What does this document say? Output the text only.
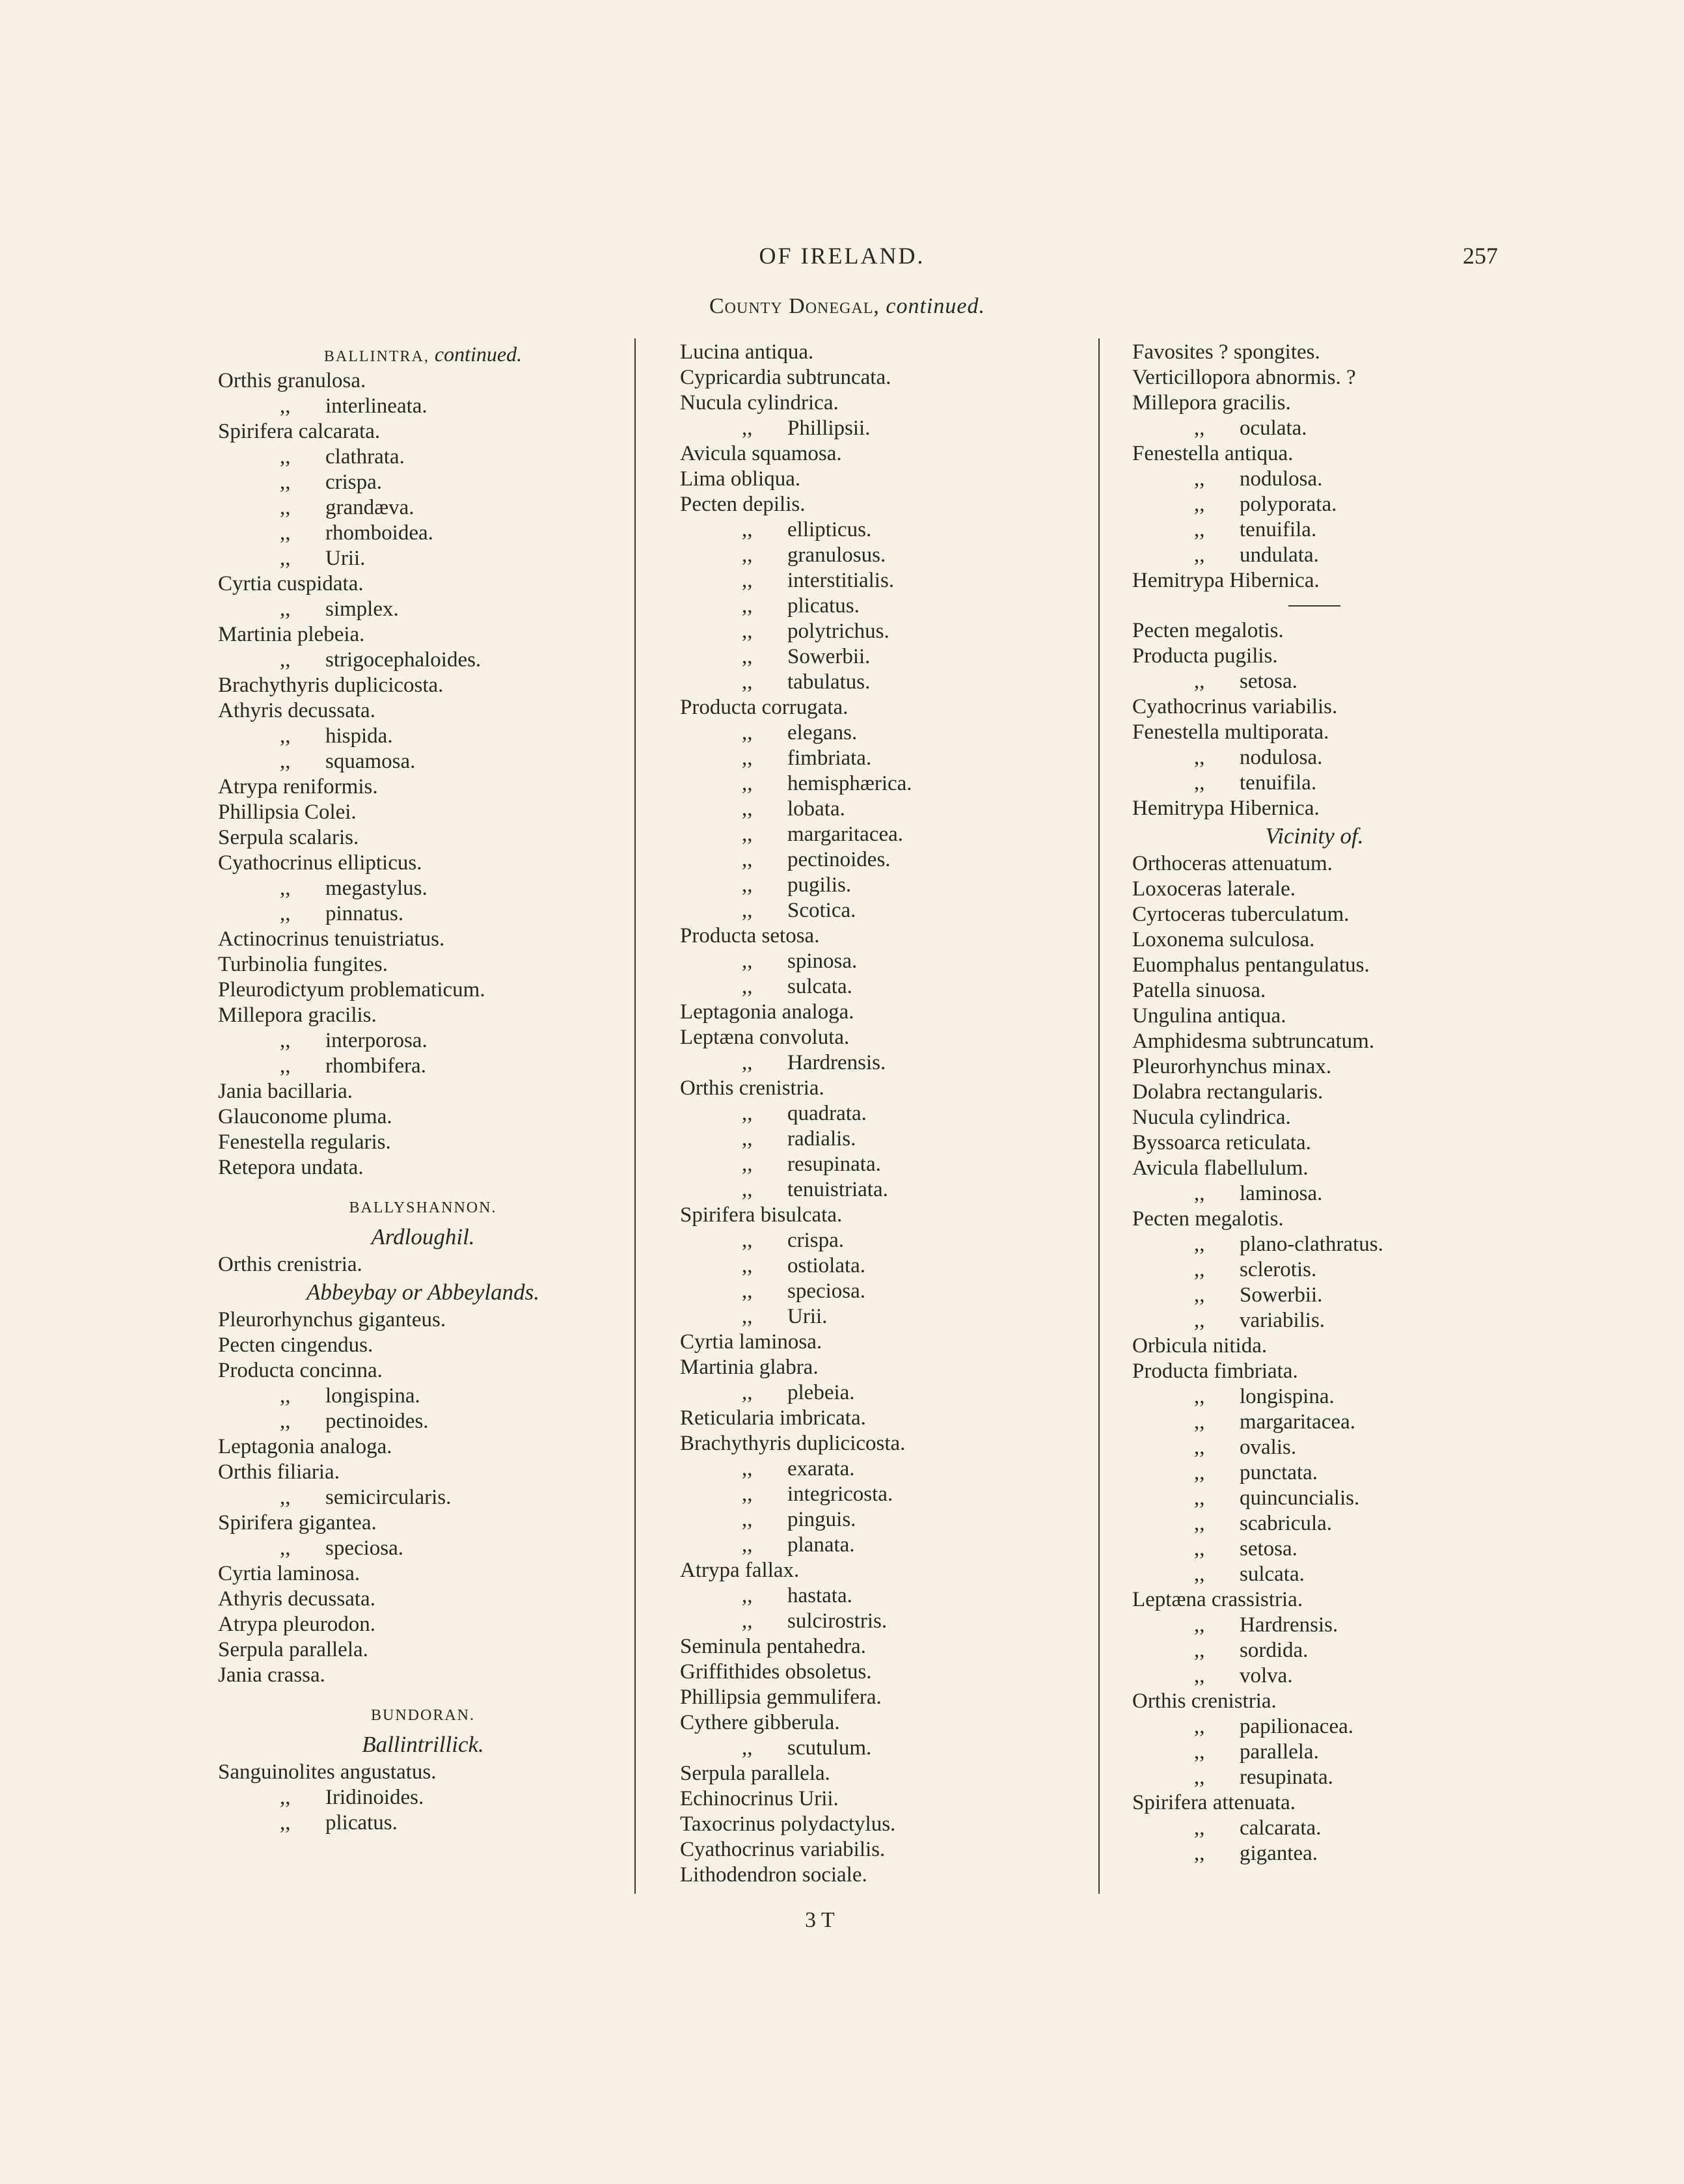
OF IRELAND.	257
County Donegal, continued.
BALLINTRA, continued.
Orthis granulosa.
,, interlineata.
Spirifera calcarata.
,, clathrata.
,, crispa.
,, grandæva.
,, rhomboidea.
,, Urii.
Cyrtia cuspidata.
,, simplex.
Martinia plebeia.
,, strigocephaloides.
Brachythyris duplicicosta.
Athyris decussata.
,, hispida.
,, squamosa.
Atrypa reniformis.
Phillipsia Colei.
Serpula scalaris.
Cyathocrinus ellipticus.
,, megastylus.
,, pinnatus.
Actinocrinus tenuistriatus.
Turbinolia fungites.
Pleurodictyum problematicum.
Millepora gracilis.
,, interporosa.
,, rhombifera.
Jania bacillaria.
Glauconome pluma.
Fenestella regularis.
Retepora undata.
BALLYSHANNON.
Ardloughil.
Orthis crenistria.
Abbeybay or Abbeylands.
Pleurorhynchus giganteus.
Pecten cingendus.
Producta concinna.
,, longispina.
,, pectinoides.
Leptagonia analoga.
Orthis filiaria.
,, semicircularis.
Spirifera gigantea.
,, speciosa.
Cyrtia laminosa.
Athyris decussata.
Atrypa pleurodon.
Serpula parallela.
Jania crassa.
BUNDORAN.
Ballintrillick.
Sanguinolites angustatus.
,, Iridinoides.
,, plicatus.
Lucina antiqua.
Cypricardia subtruncata.
Nucula cylindrica.
,, Phillipsii.
Avicula squamosa.
Lima obliqua.
Pecten depilis.
,, ellipticus.
,, granulosus.
,, interstitialis.
,, plicatus.
,, polytrichus.
,, Sowerbii.
,, tabulatus.
Producta corrugata.
,, elegans.
,, fimbriata.
,, hemisphærica.
,, lobata.
,, margaritacea.
,, pectinoides.
,, pugilis.
,, Scotica.
Producta setosa.
,, spinosa.
,, sulcata.
Leptagonia analoga.
Leptæna convoluta.
,, Hardrensis.
Orthis crenistria.
,, quadrata.
,, radialis.
,, resupinata.
,, tenuistriata.
Spirifera bisulcata.
,, crispa.
,, ostiolata.
,, speciosa.
,, Urii.
Cyrtia laminosa.
Martinia glabra.
,, plebeia.
Reticularia imbricata.
Brachythyris duplicicosta.
,, exarata.
,, integricosta.
,, pinguis.
,, planata.
Atrypa fallax.
,, hastata.
,, sulcirostris.
Seminula pentahedra.
Griffithides obsoletus.
Phillipsia gemmulifera.
Cythere gibberula.
,, scutulum.
Serpula parallela.
Echinocrinus Urii.
Taxocrinus polydactylus.
Cyathocrinus variabilis.
Lithodendron sociale.
Favosites ? spongites.
Verticillopora abnormis. ?
Millepora gracilis.
,, oculata.
Fenestella antiqua.
,, nodulosa.
,, polyporata.
,, tenuifila.
,, undulata.
Hemitrypa Hibernica.
Pecten megalotis.
Producta pugilis.
,, setosa.
Cyathocrinus variabilis.
Fenestella multiporata.
,, nodulosa.
,, tenuifila.
Hemitrypa Hibernica.
Vicinity of.
Orthoceras attenuatum.
Loxoceras laterale.
Cyrtoceras tuberculatum.
Loxonema sulculosa.
Euomphalus pentangulatus.
Patella sinuosa.
Ungulina antiqua.
Amphidesma subtruncatum.
Pleurorhynchus minax.
Dolabra rectangularis.
Nucula cylindrica.
Byssoarca reticulata.
Avicula flabellulum.
,, laminosa.
Pecten megalotis.
,, plano-clathratus.
,, sclerotis.
,, Sowerbii.
,, variabilis.
Orbicula nitida.
Producta fimbriata.
,, longispina.
,, margaritacea.
,, ovalis.
,, punctata.
,, quincuncialis.
,, scabricula.
,, setosa.
,, sulcata.
Leptæna crassistria.
,, Hardrensis.
,, sordida.
,, volva.
Orthis crenistria.
,, papilionacea.
,, parallela.
,, resupinata.
Spirifera attenuata.
,, calcarata.
,, gigantea.
3 T
